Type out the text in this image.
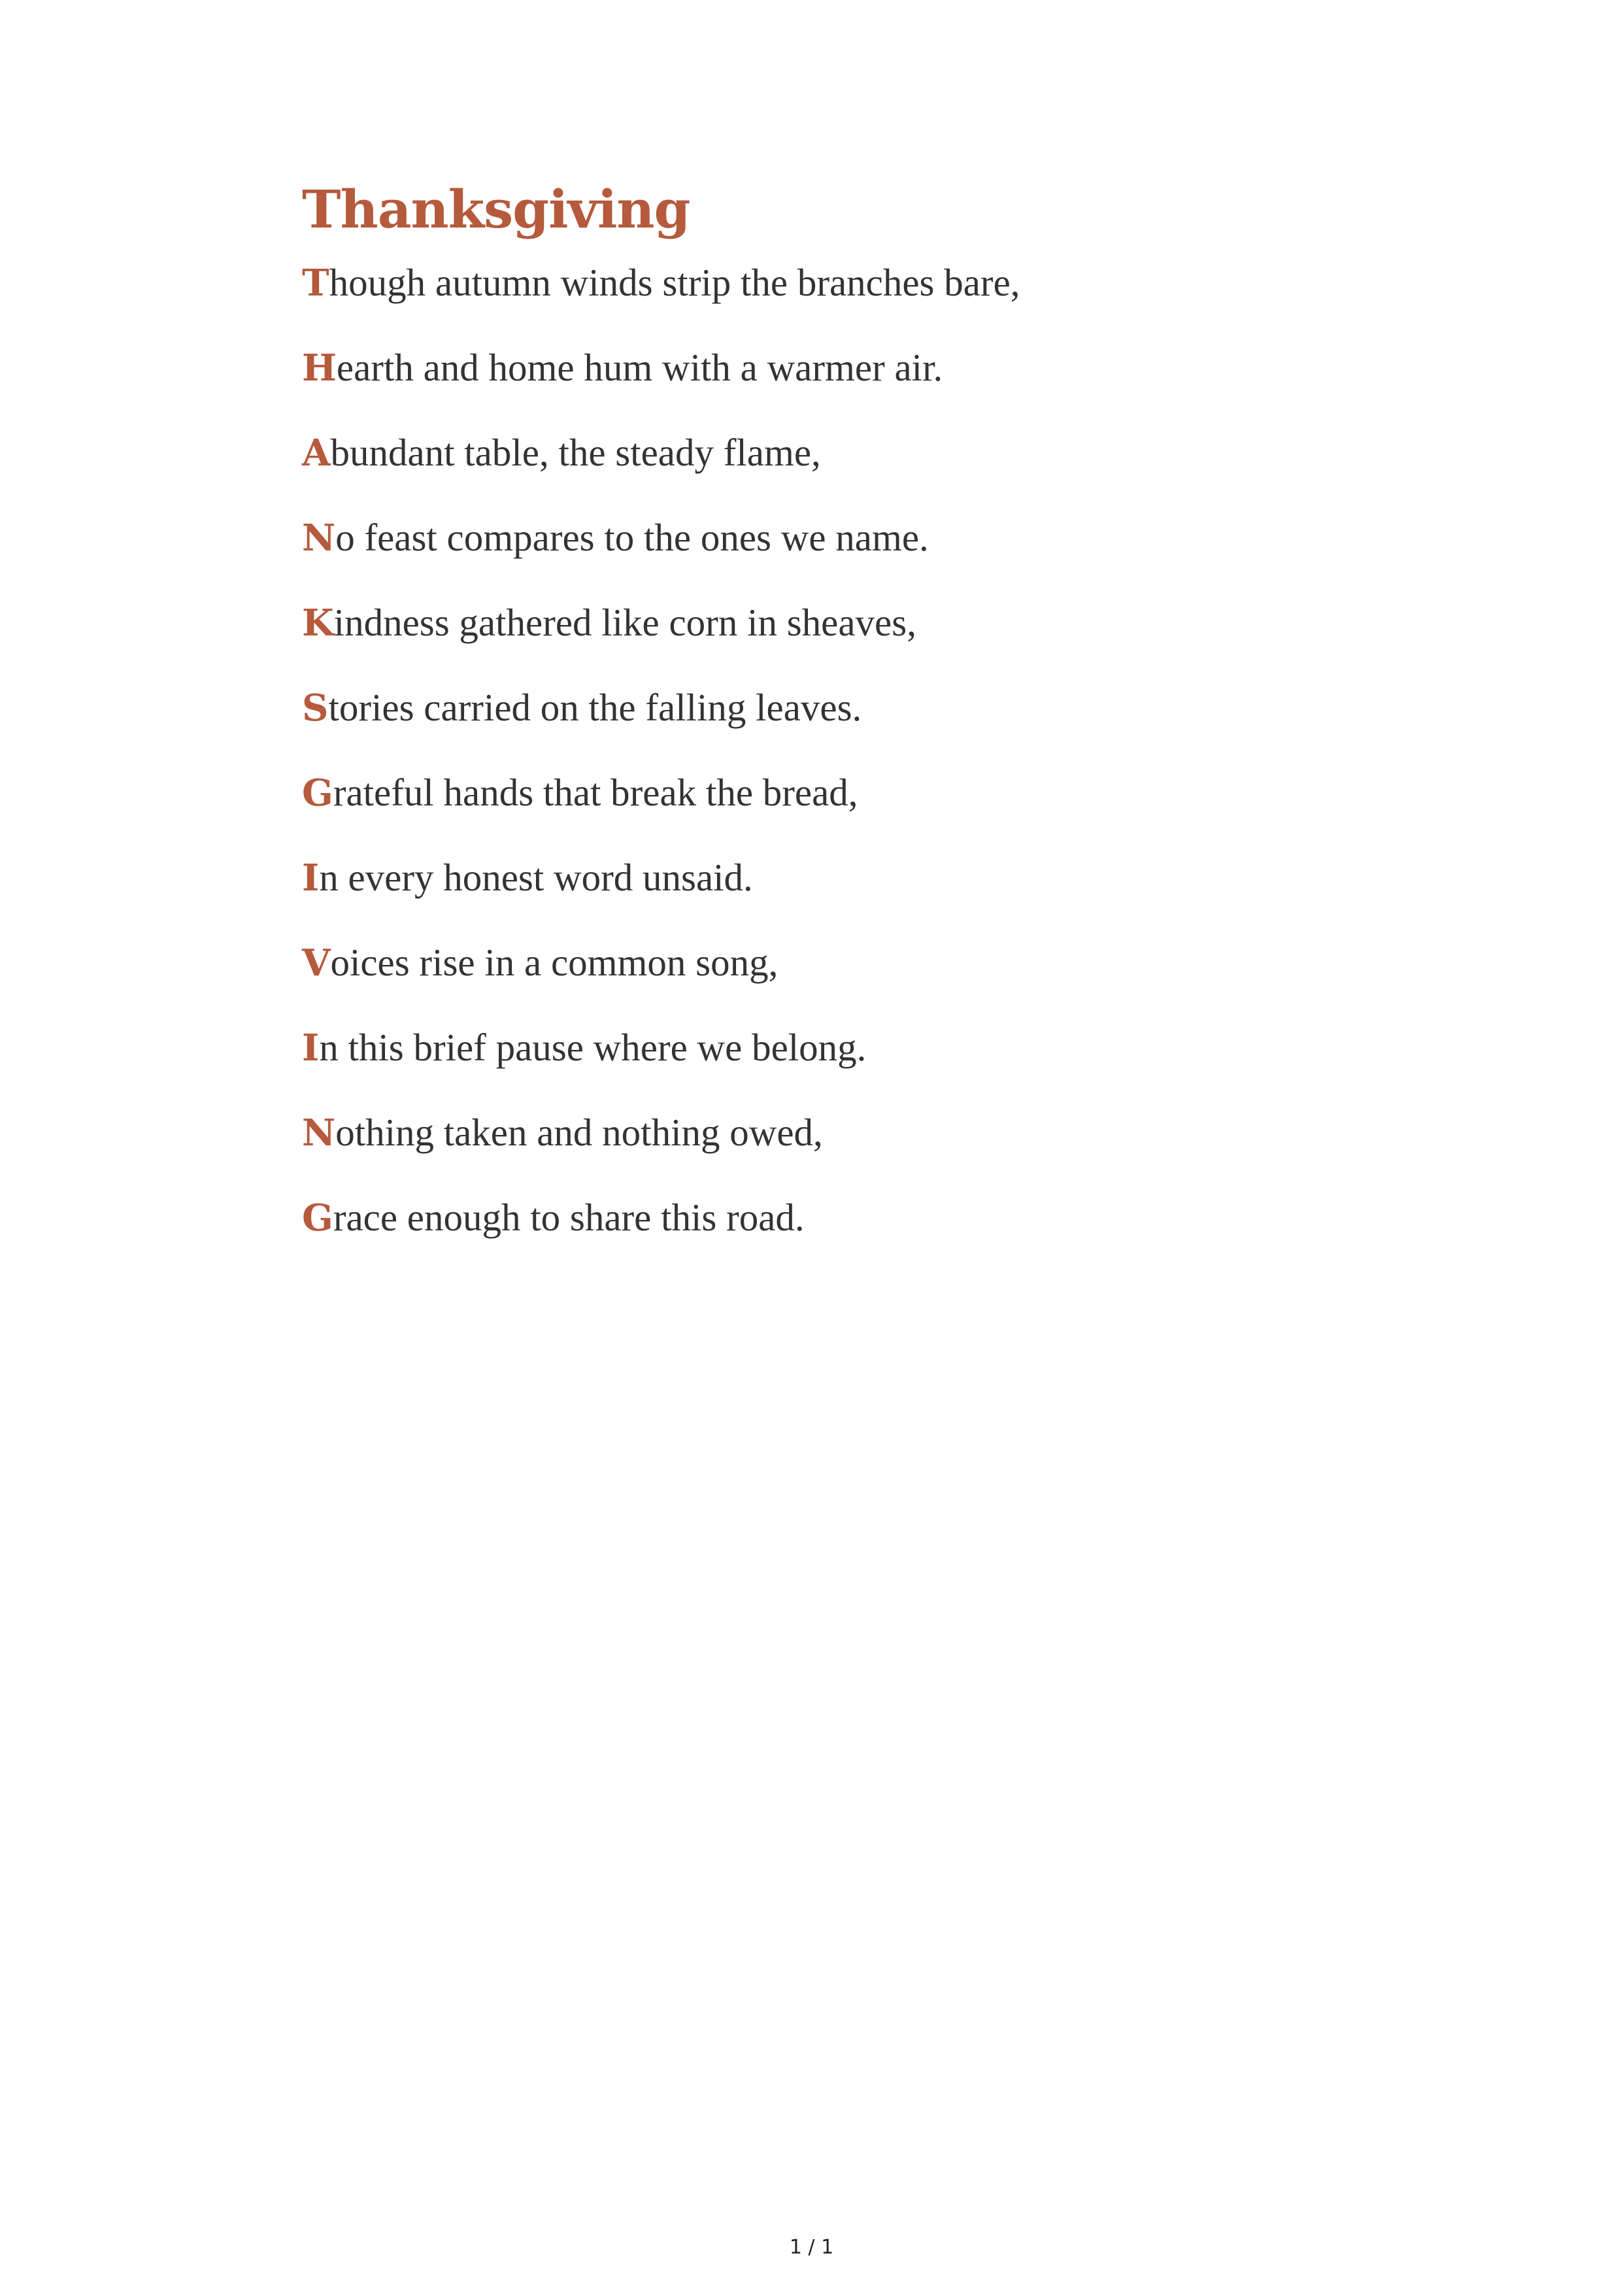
Thanksgiving
Though autumn winds strip the branches bare,
Hearth and home hum with a warmer air.
Abundant table, the steady flame,
No feast compares to the ones we name.
Kindness gathered like corn in sheaves,
Stories carried on the falling leaves.
Grateful hands that break the bread,
In every honest word unsaid.
Voices rise in a common song,
In this brief pause where we belong.
Nothing taken and nothing owed,
Grace enough to share this road.
1 / 1
